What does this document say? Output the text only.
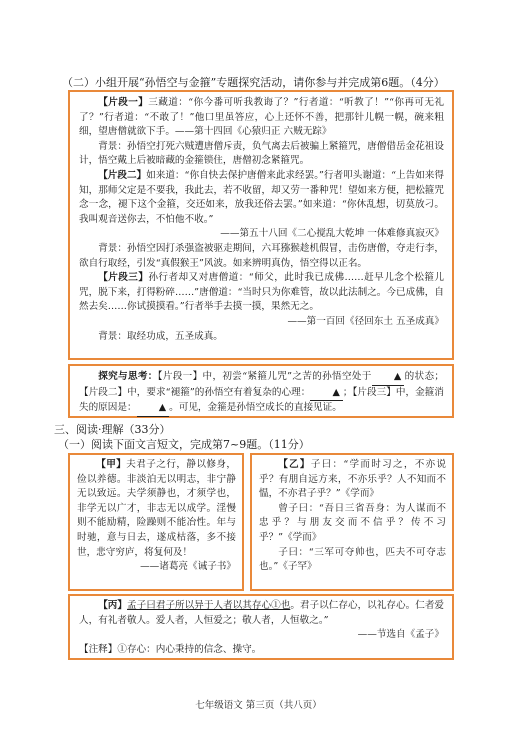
（二）小组开展“孙悟空与金箍”专题探究活动，请你参与并完成第6题。（4分）

【片段一】三藏道：“你今番可听我教诲了？”行者道：“听教了！”“你再可无礼了？”行者道：“不敢了！”他口里虽答应，心上还怀不善，把那针儿幌一幌，碗来粗细，望唐僧就欲下手。——第十四回《心猿归正 六贼无踪》

背景：孙悟空打死六贼遭唐僧斥责，负气离去后被骗上紧箍咒，唐僧借岳金花祖设计，悟空戴上后被暗藏的金箍锁住，唐僧初念紧箍咒。

【片段二】如来道：“你自快去保护唐僧来此求经罢。”行者叩头谢道：“上告如来得知，那师父定是不要我，我此去，若不收留，却又劳一番种咒！望如来方便，把松箍咒念一念，褪下这个金箍，交还如来，放我还俗去罢。”如来道：“你休乱想，切莫放刁。我叫观音送你去，不怕他不收。”

——第五十八回《二心搅乱大乾坤 一体难修真寂灭》

背景：孙悟空因打杀强盗被驱走期间，六耳猕猴趁机假冒，击伤唐僧，夺走行李，欲自行取经，引发“真假猴王”风波。如来辨明真伪，悟空得以正名。

【片段三】孙行者却又对唐僧道：“师父，此时我已成佛……赶早儿念个松箍儿咒，脱下来，打得粉碎……”唐僧道：“当时只为你难管，故以此法制之。今已成佛，自然去矣……你试摸摸看。”行者举手去摸一摸，果然无之。

——第一百回《径回东土 五圣成真》

背景：取经功成，五圣成真。

探究与思考：【片段一】中，初尝“紧箍儿咒”之苦的孙悟空处于 ▲ 的状态；【片段二】中，要求“褪箍”的孙悟空有着复杂的心理： ▲ ；【片段三】中，金箍消失的原因是： ▲ 。可见，金箍是孙悟空成长的直接见证。

三、阅读·理解（33分）
（一）阅读下面文言短文，完成第7~9题。（11分）

【甲】夫君子之行，静以修身，俭以养德。非淡泊无以明志，非宁静无以致远。夫学须静也，才须学也，非学无以广才，非志无以成学。淫慢则不能励精，险躁则不能冶性。年与时驰，意与日去，遂成枯落，多不接世，悲守穷庐，将复何及！

——诸葛亮《诫子书》

【乙】子曰：“学而时习之，不亦说乎？有朋自远方来，不亦乐乎？人不知而不愠，不亦君子乎？”《学而》

曾子曰：“吾日三省吾身：为人谋而不忠乎？与朋友交而不信乎？传不习乎？”《学而》

子曰：“三军可夺帅也，匹夫不可夺志也。”《子罕》

【丙】孟子曰君子所以异于人者以其存心①也。君子以仁存心，以礼存心。仁者爱人，有礼者敬人。爱人者，人恒爱之；敬人者，人恒敬之。”

——节选自《孟子》

【注释】①存心：内心秉持的信念、操守。

七年级语文 第三页（共八页）
